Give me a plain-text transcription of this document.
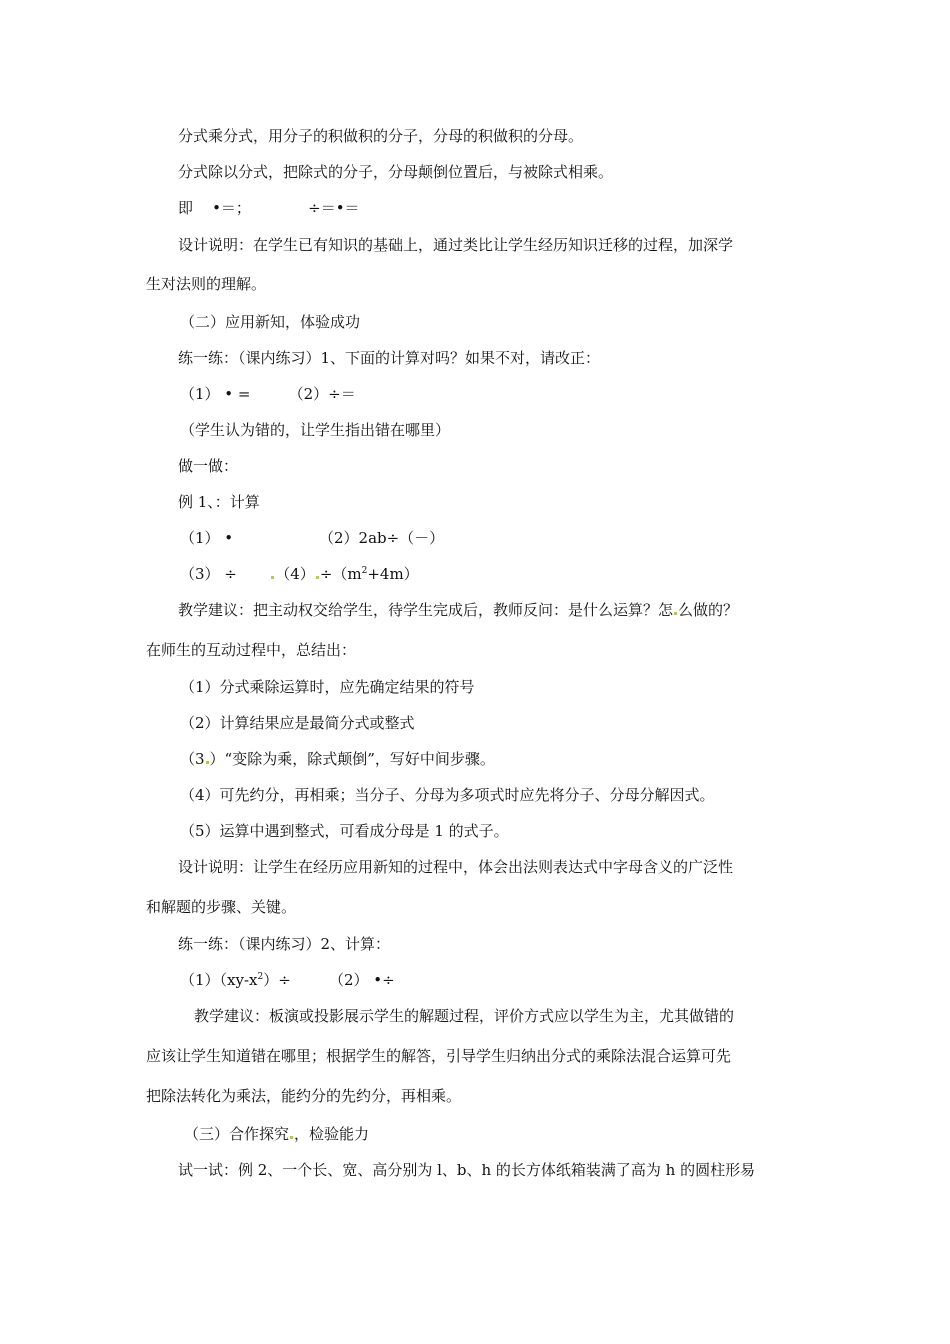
分式乘分式，用分子的积做积的分子，分母的积做积的分母。
分式除以分式，把除式的分子，分母颠倒位置后，与被除式相乘。
即    •＝；            ÷＝•＝
设计说明：在学生已有知识的基础上，通过类比让学生经历知识迁移的过程，加深学
生对法则的理解。
（二）应用新知，体验成功
练一练：（课内练习）1、下面的计算对吗？如果不对，请改正：
（1） • =        （2）÷＝
（学生认为错的，让学生指出错在哪里）
做一做：
例 1、：计算
（1） •                  （2）2ab÷（－）
（3） ÷       $(4) \div(m^2+4m)$
教学建议：把主动权交给学生，待学生完成后，教师反问：是什么运算？怎 么做的？
在师生的互动过程中，总结出：
（1）分式乘除运算时，应先确定结果的符号
（2）计算结果应是最简分式或整式
（3 ）“变除为乘，除式颠倒”，写好中间步骤。
（4）可先约分，再相乘；当分子、分母为多项式时应先将分子、分母分解因式。
（5）运算中遇到整式，可看成分母是 1 的式子。
设计说明：让学生在经历应用新知的过程中，体会出法则表达式中字母含义的广泛性
和解题的步骤、关键。
练一练：（课内练习）2、计算：
$(1)(xy-x^2)\div$        （2） •÷
教学建议：板演或投影展示学生的解题过程，评价方式应以学生为主，尤其做错的
应该让学生知道错在哪里；根据学生的解答，引导学生归纳出分式的乘除法混合运算可先
把除法转化为乘法，能约分的先约分，再相乘。
（三）合作探究 ，检验能力
试一试：例 2、一个长、宽、高分别为 l、b、h 的长方体纸箱装满了高为 h 的圆柱形易
